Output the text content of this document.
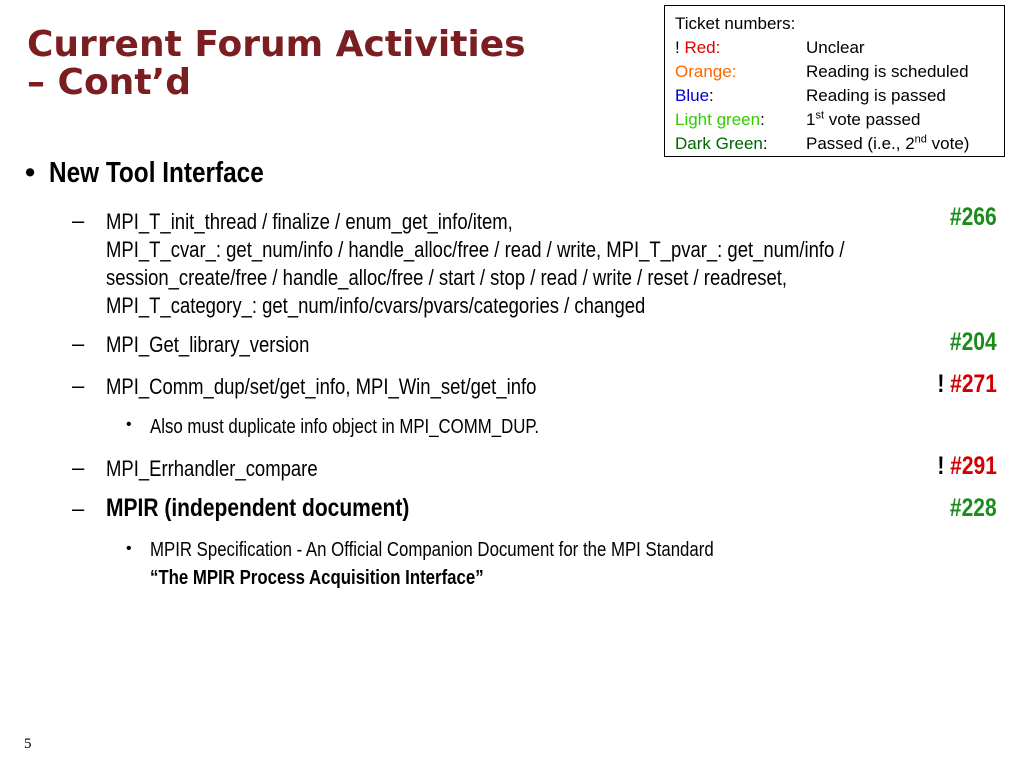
Current Forum Activities
– Cont’d
Ticket numbers:
! Red:	Unclear
Orange:	Reading is scheduled
Blue:	Reading is passed
Light green:	1st vote passed
Dark Green:	Passed (i.e., 2nd vote)
• New Tool Interface
– MPI_T_init_thread / finalize / enum_get_info/item,
MPI_T_cvar_: get_num/info / handle_alloc/free / read / write, MPI_T_pvar_: get_num/info /
session_create/free / handle_alloc/free / start / stop / read / write / reset / readreset,
MPI_T_category_: get_num/info/cvars/pvars/categories / changed
#266
– MPI_Get_library_version	#204
– MPI_Comm_dup/set/get_info, MPI_Win_set/get_info	! #271
• Also must duplicate info object in MPI_COMM_DUP.
– MPI_Errhandler_compare	! #291
– MPIR (independent document)	#228
• MPIR Specification - An Official Companion Document for the MPI Standard
“The MPIR Process Acquisition Interface”
5
